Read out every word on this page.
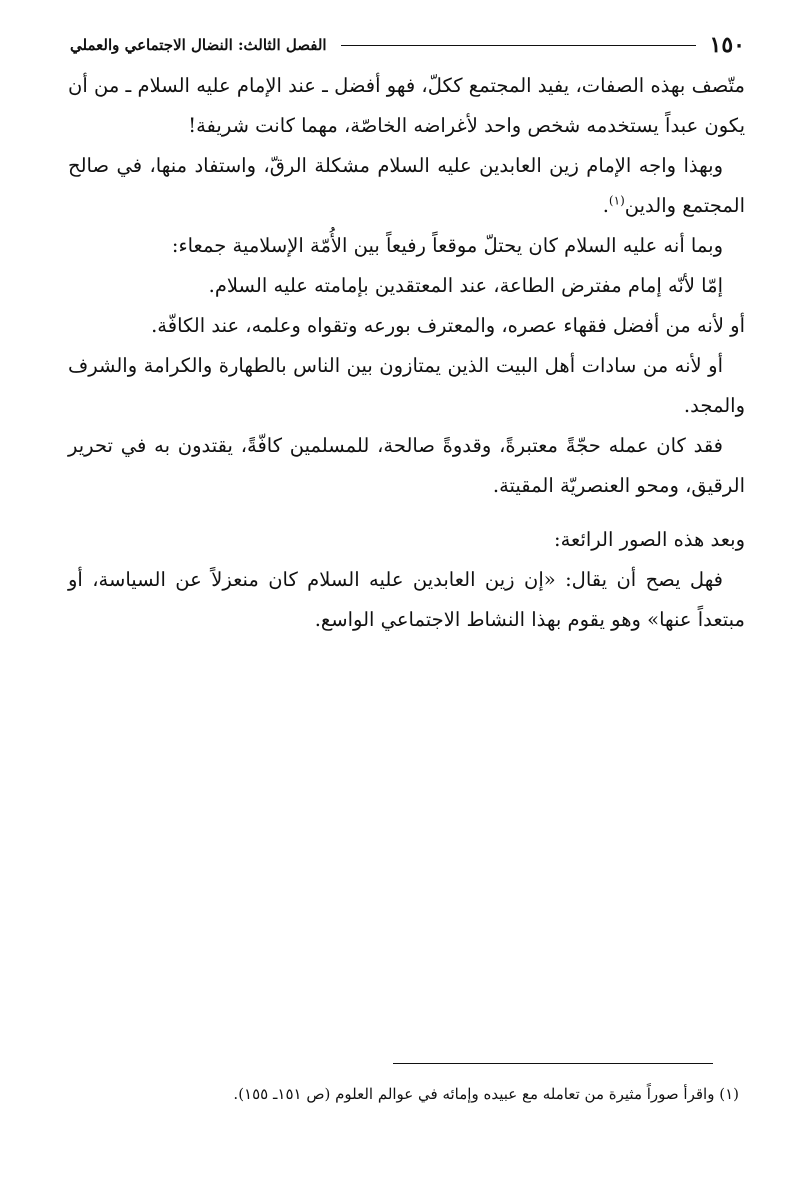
١٥٠
الفصل الثالث: النضال الاجتماعي والعملي

متّصف بهذه الصفات، يفيد المجتمع ككلّ، فهو أفضل ـ عند الإمام عليه السلام ـ من أن يكون عبداً يستخدمه شخص واحد لأغراضه الخاصّة، مهما كانت شريفة!

وبهذا واجه الإمام زين العابدين عليه السلام مشكلة الرقّ، واستفاد منها، في صالح المجتمع والدين$^{(١)}$.

وبما أنه عليه السلام كان يحتلّ موقعاً رفيعاً بين الأُمّة الإسلامية جمعاء:

إمّا لأنّه إمام مفترض الطاعة، عند المعتقدين بإمامته عليه السلام.

أو لأنه من أفضل فقهاء عصره، والمعترف بورعه وتقواه وعلمه، عند الكافّة.

أو لأنه من سادات أهل البيت الذين يمتازون بين الناس بالطهارة والكرامة والشرف والمجد.

فقد كان عمله حجّةً معتبرةً، وقدوةً صالحة، للمسلمين كافّةً، يقتدون به في تحرير الرقيق، ومحو العنصريّة المقيتة.

وبعد هذه الصور الرائعة:

فهل يصح أن يقال: «إن زين العابدين عليه السلام كان منعزلاً عن السياسة، أو مبتعداً عنها» وهو يقوم بهذا النشاط الاجتماعي الواسع.

(١) واقرأ صوراً مثيرة من تعامله مع عبيده وإمائه في عوالم العلوم (ص ١٥١ـ ١٥٥).
